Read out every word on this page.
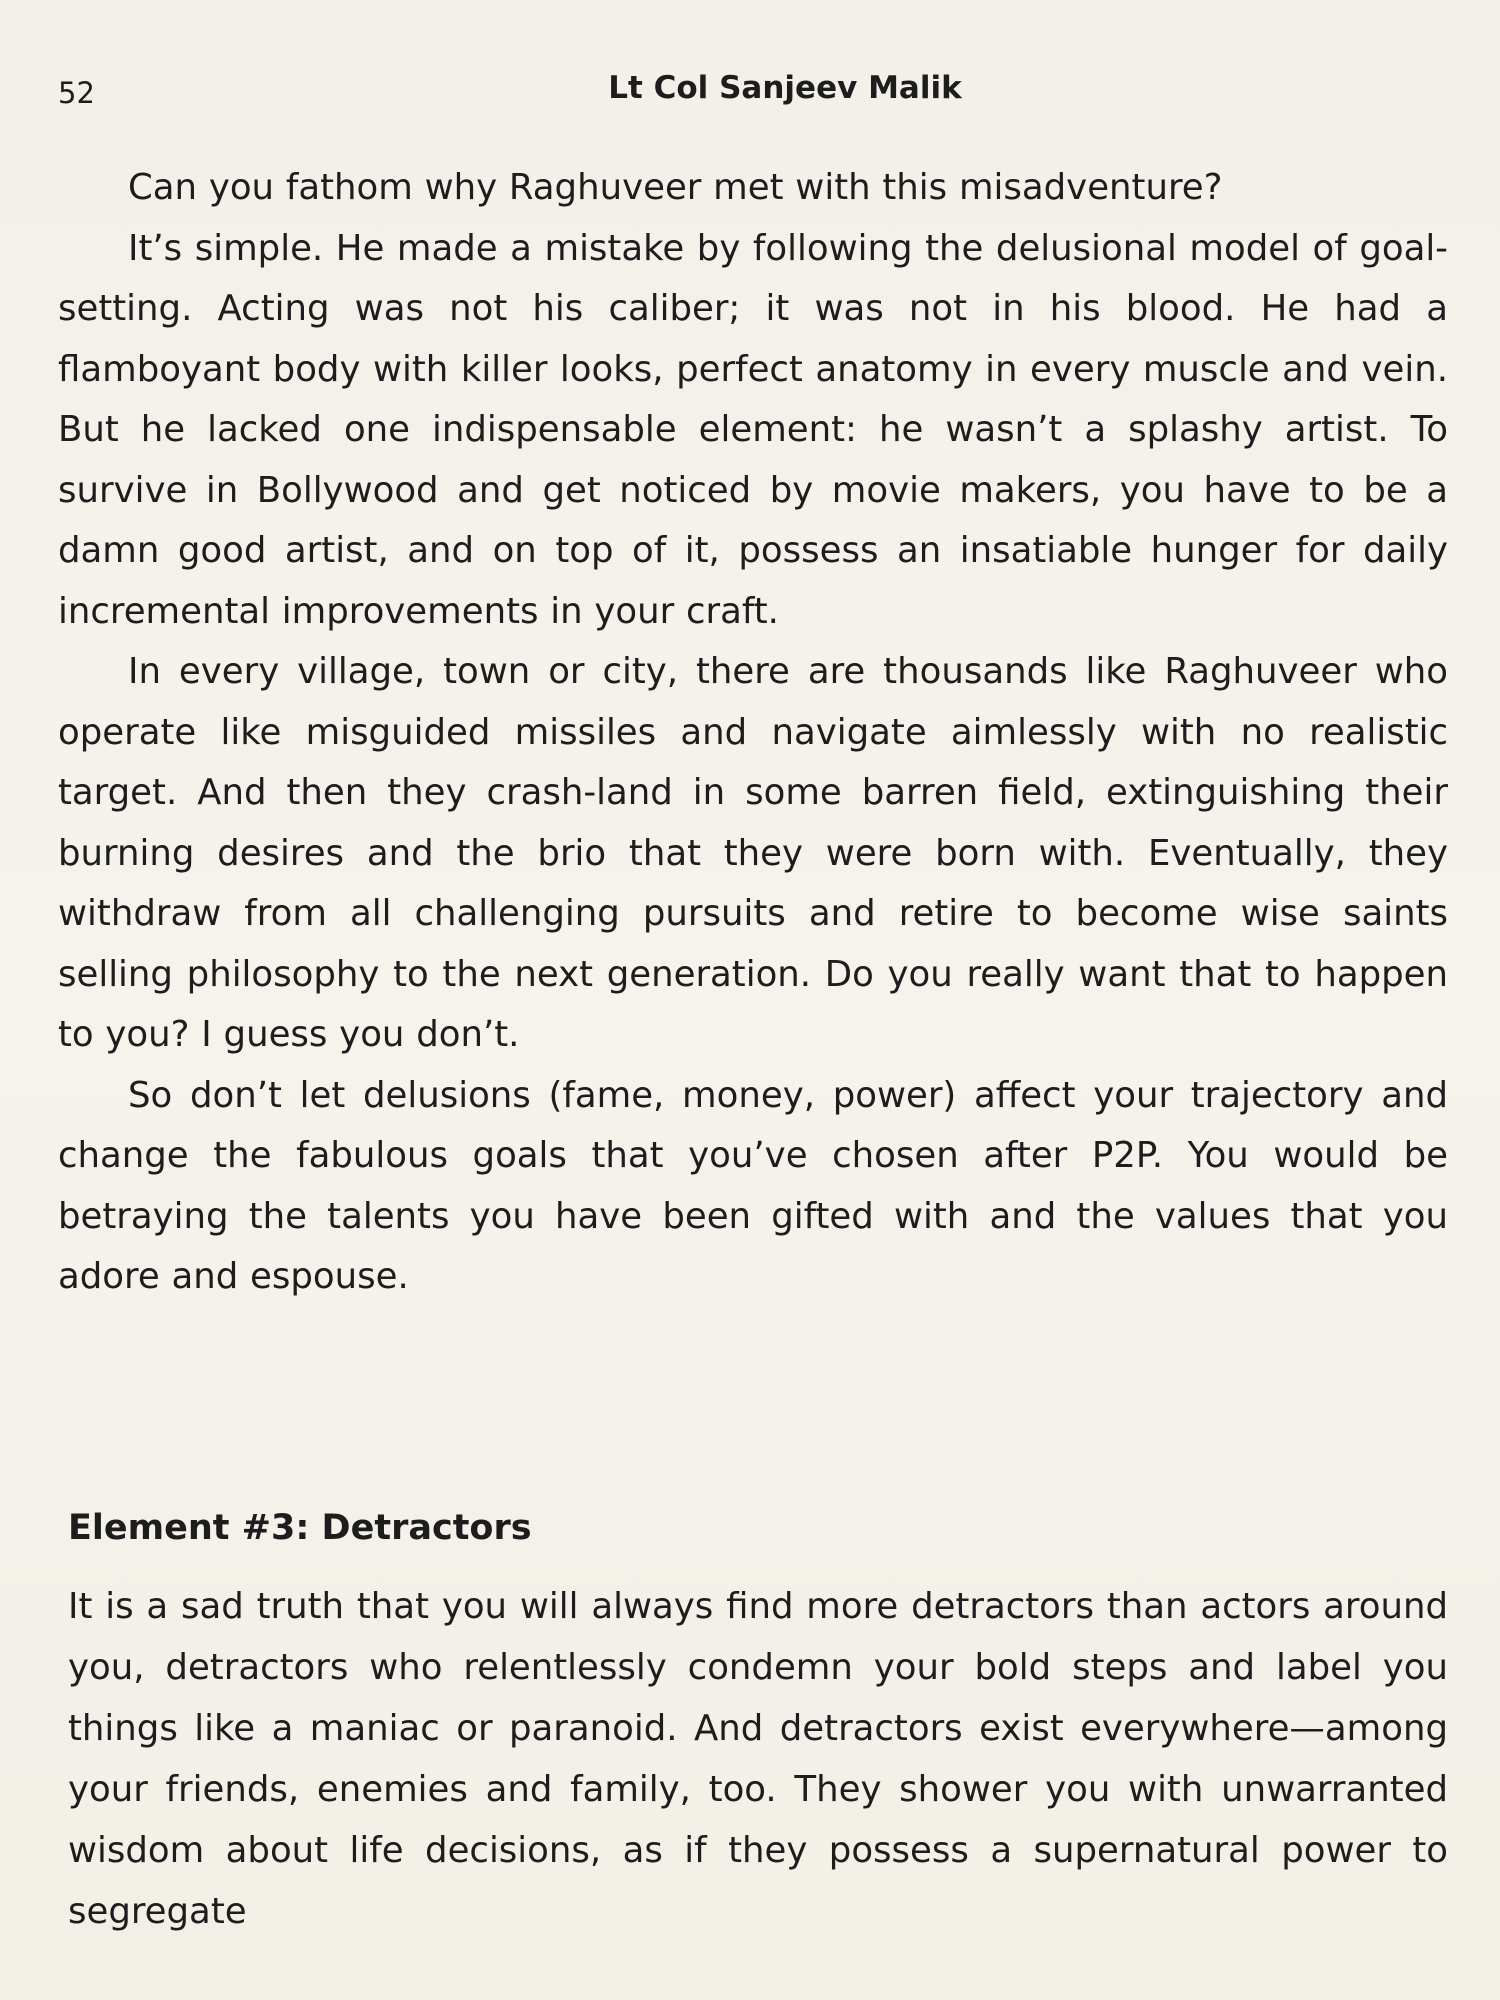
52	Lt Col Sanjeev Malik

Can you fathom why Raghuveer met with this misadventure?

It’s simple. He made a mistake by following the delusional model of goal-setting. Acting was not his caliber; it was not in his blood. He had a flamboyant body with killer looks, perfect anatomy in every muscle and vein. But he lacked one indispensable element: he wasn’t a splashy artist. To survive in Bollywood and get noticed by movie makers, you have to be a damn good artist, and on top of it, possess an insatiable hunger for daily incremental improvements in your craft.

In every village, town or city, there are thousands like Raghuveer who operate like misguided missiles and navigate aimlessly with no realistic target. And then they crash-land in some barren field, extinguishing their burning desires and the brio that they were born with. Eventually, they withdraw from all challenging pursuits and retire to become wise saints selling philosophy to the next generation. Do you really want that to happen to you? I guess you don’t.

So don’t let delusions (fame, money, power) affect your trajectory and change the fabulous goals that you’ve chosen after P2P. You would be betraying the talents you have been gifted with and the values that you adore and espouse.

Element #3: Detractors

It is a sad truth that you will always find more detractors than actors around you, detractors who relentlessly condemn your bold steps and label you things like a maniac or paranoid. And detractors exist everywhere—among your friends, enemies and family, too. They shower you with unwarranted wisdom about life decisions, as if they possess a supernatural power to segregate
